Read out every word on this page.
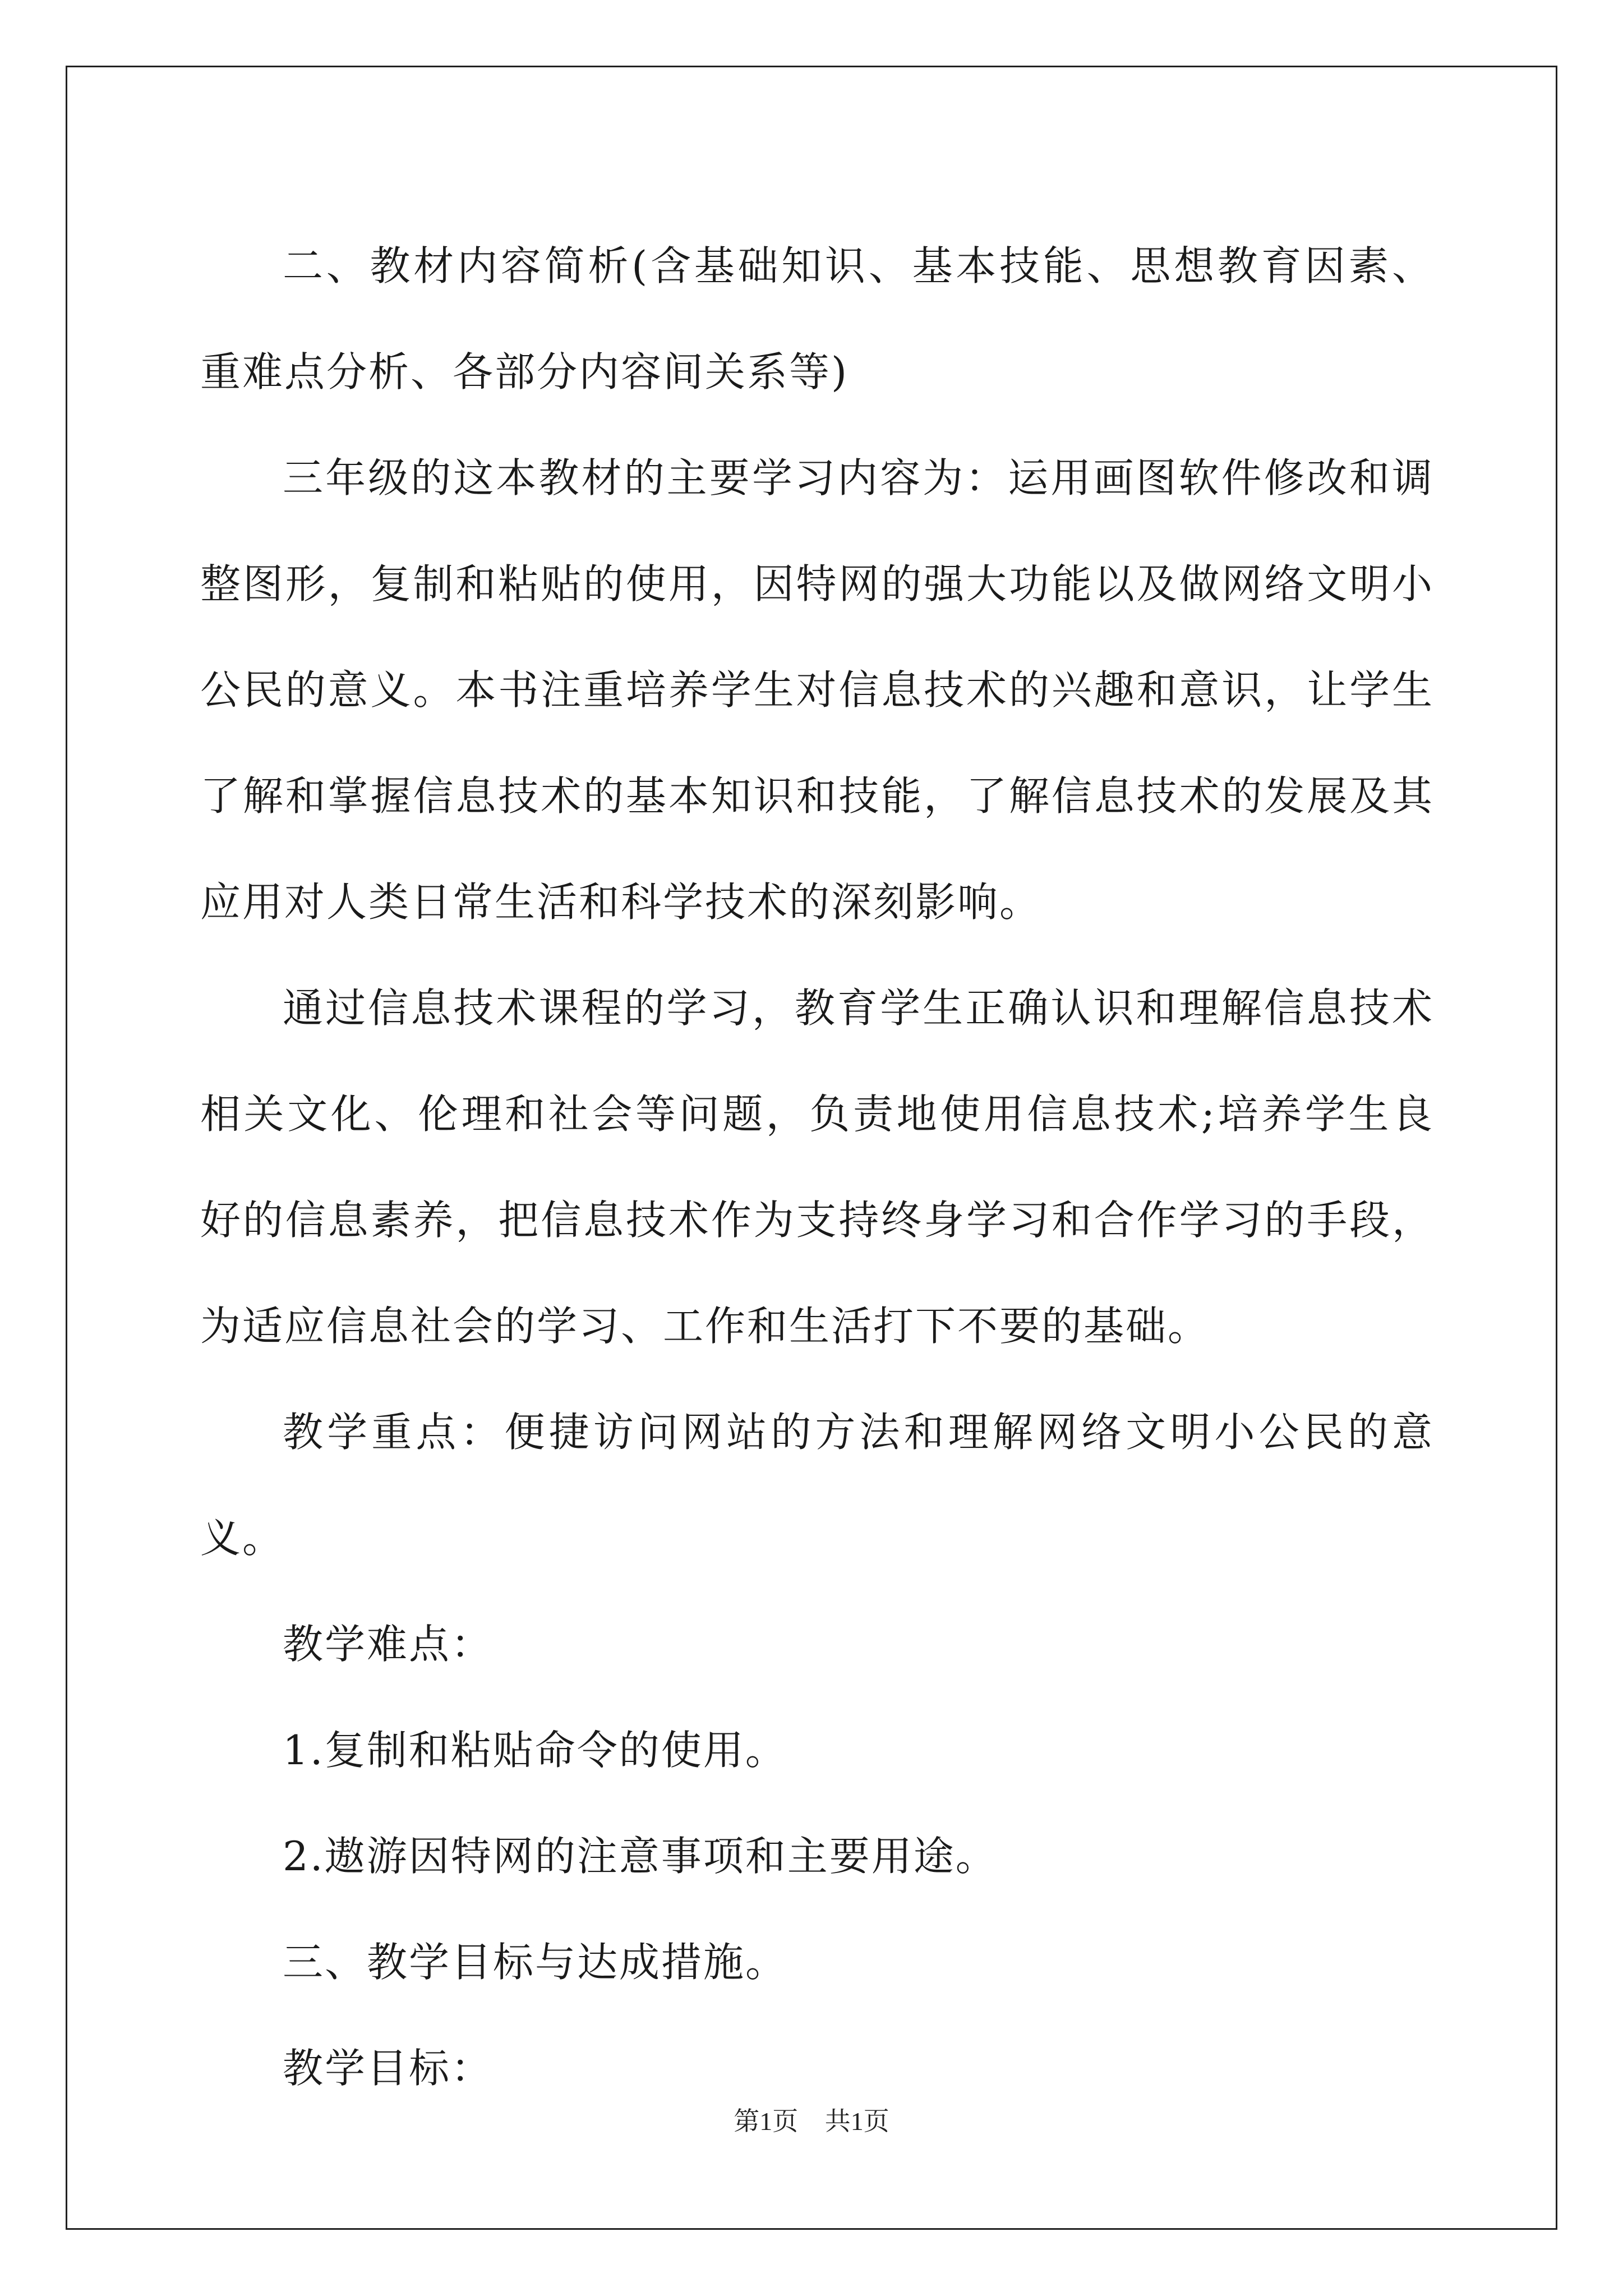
二、教材内容简析(含基础知识、基本技能、思想教育因素、重难点分析、各部分内容间关系等)

三年级的这本教材的主要学习内容为：运用画图软件修改和调整图形，复制和粘贴的使用，因特网的强大功能以及做网络文明小公民的意义。本书注重培养学生对信息技术的兴趣和意识，让学生了解和掌握信息技术的基本知识和技能，了解信息技术的发展及其应用对人类日常生活和科学技术的深刻影响。

通过信息技术课程的学习，教育学生正确认识和理解信息技术相关文化、伦理和社会等问题，负责地使用信息技术;培养学生良好的信息素养，把信息技术作为支持终身学习和合作学习的手段，为适应信息社会的学习、工作和生活打下不要的基础。

教学重点：便捷访问网站的方法和理解网络文明小公民的意义。

教学难点：

1.复制和粘贴命令的使用。

2.遨游因特网的注意事项和主要用途。

三、教学目标与达成措施。

教学目标：

第1页 共1页
